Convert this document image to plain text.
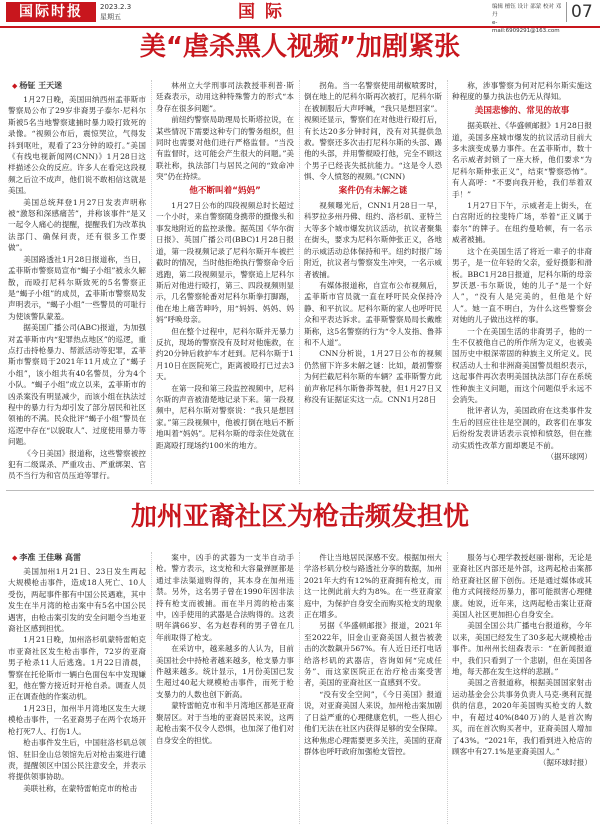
国际时报	2023.2.3
星期五	国际	编辑 檀钰 设计 邵蒙 校对 邓丹
e-mail:6909291@163.com
07
美“虐杀黑人视频”加剧紧张
◆ 杨钲 王天迷

1月27日晚，美国田纳西州孟菲斯市警察局公布了29岁非裔男子泰尔·尼科尔斯被5名当地警察逮捕时暴力殴打致死的录像。“视频公布后，震惊哭泣，气得发抖到呕吐，观看了23分钟的殴打。”美国《有线电视新闻网(CNN)》1月28日这样描述公众的反应。许多人在看完这段视频之后泣不成声，他们说不敢相信这就是美国。

美国总统拜登1月27日发表声明称被“激怒和深感痛苦”，并称该事件“是又一起令人痛心的提醒，提醒我们为改革执法部门、确保问责，还有很多工作要做”。

美国路透社1月28日报道称，当日，孟菲斯市警察局宣布“蝎子小组”被永久解散，而殴打尼科尔斯致死的5名警察正是“蝎子小组”的成员，孟菲斯市警察局发声明表示，“蝎子小组”一些警员的可耻行为使该警队蒙羞。

据美国广播公司(ABC)报道，为加强对孟菲斯市内“犯罪热点地区”的巡逻，重点打击持枪暴力、帮派活动等犯罪，孟菲斯市警察局于2021年11月成立了“蝎子小组”，该小组共有40名警员，分为4个小队。“蝎子小组”成立以来，孟菲斯市的凶杀案没有明显减少，而该小组在执法过程中的暴力行为却引发了部分居民和社区领袖的不满。民众批评“蝎子小组”警员在巡逻中存在“以貌取人”、过度使用暴力等问题。

《今日美国》报道称，这些警察被控犯有二级谋杀、严重攻击、严重绑架、官员不当行为和官员压迫等罪行。

林州立大学刑事司法教授菲利普·斯廷森表示，动用这种特殊警力的形式“本身存在很多问题”。

前纽约警察局助理局长斯塔拉说，在某些情况下需要这种专门的警务组织，但同时也需要对他们进行严格监督。“当没有监督时，这可能会产生很大的问题。”美联社称，执法部门与居民之间的“致命冲突”仍在持续。

他不断叫着“妈妈”

1月27日公布的四段视频总时长超过一个小时，来自警察随身携带的摄像头和事发地附近的监控录像。据英国《华尔街日报》、英国广播公司(BBC)1月28日报道，第一段视频记录了尼科尔斯开车被拦截时的情况，当时他拒绝执行警察命令后逃跑，第二段视频显示，警察追上尼科尔斯后对他进行殴打，第三、四段视频则显示，几名警察轮番对尼科尔斯拳打脚踢，他在地上痛苦呻吟，用“妈妈、妈妈、妈妈”呼唤母亲。

但在整个过程中，尼科尔斯并无暴力反抗，现场的警察没有及时对他施救，在约20分钟后救护车才赶到。尼科尔斯于1月10日在医院死亡，距离被殴打已过去3天。

在第一段和第三段监控视频中，尼科尔斯的声音被清楚地记录下来。第一段视频中，尼科尔斯对警察说：“我只是想回家。”第三段视频中，他被打倒在地后不断地叫着“妈妈”。尼科尔斯的母亲住处就在距离殴打现场约100米的地方。

拐角。当一名警察使用胡椒喷雾时，倒在地上的尼科尔斯再次被打，尼科尔斯在被制服后大声呼喊，“我只是想回家”。视频还显示，警察们在对他进行殴打后，有长达20多分钟时间，没有对其提供急救。警察还多次击打尼科尔斯的头部、踢他的头部，并用警棍殴打他，完全不顾这个男子已经丧失抵抗能力。“这是令人恐惧、令人愤怒的视频。”(CNN)

案件仍有未解之谜

视频曝光后，CNN1月28日一早，科罗拉多州丹佛、纽约、洛杉矶、亚特兰大等多个城市爆发抗议活动，抗议者聚集在街头，要求为尼科尔斯伸张正义，各地的示威活动总体保持和平。纽约时报广场附近，抗议者与警察发生冲突，一名示威者被捕。

有媒体报道称，自宣布公布视频后，孟菲斯市官员就一直在呼吁民众保持冷静、和平抗议。尼科尔斯的家人也呼吁民众和平表达诉求。孟菲斯警察局局长戴维斯称，这5名警察的行为“令人发指、鲁莽和不人道”。

CNN分析说，1月27日公布的视频仍然留下许多未解之谜：比如，最初警察为何拦截尼科尔斯的车辆？孟菲斯警方此前声称尼科尔斯鲁莽驾驶，但1月27日又称没有证据证实这一点。CNN1月28日

称，涉事警察为何对尼科尔斯实施这种程度的暴力执法也仍无从得知。

美国悲惨的、常见的故事

据美联社、《华盛顿邮报》1月28日报道，美国多座城市爆发的抗议活动目前大多未演变成暴力事件。在孟菲斯市，数十名示威者封锁了一座大桥，他们要求“为尼科尔斯伸张正义”，结束“警察恐怖”。有人高呼：“不要向我开枪，我们举着双手！”

1月27日下午，示威者走上街头，在白宫附近的拉斐特广场，举着“正义属于泰尔”的牌子。在纽约曼哈顿，有一名示威者被捕。

这个在美国生活了将近一辈子的非裔男子，是一位年轻的父亲，爱好摄影和滑板。BBC1月28日报道，尼科尔斯的母亲罗沃恩·韦尔斯说，她的儿子“是一个好人”，“没有人是完美的，但他是个好人”。她一直不明白，为什么这些警察会对她的儿子做出这样的事。

一个在美国生活的非裔男子，他的一生不仅被他自己的所作所为定义，也被美国历史中根深蒂固的种族主义所定义。民权活动人士和非洲裔美国警员组织表示，这起事件再次表明美国执法部门存在系统性种族主义问题，而这个问题似乎永远不会消失。

批评者认为，美国政府在这类事件发生后的回应往往是空洞的，政客们在事发后纷纷发表讲话表示哀悼和愤怒，但在推动实质性改革方面却裹足不前。

（据环球网）

加州亚裔社区为枪击频发担忧
◆ 李准 王佳琳 高雷

美国加州1月21日、23日发生两起大规模枪击事件，造成18人死亡、10人受伤，两起事件都有中国公民遇难，其中发生在半月湾的枪击案中有5名中国公民遇害，由枪击案引发的安全问题令当地亚裔社区感到担忧。

1月21日晚，加州洛杉矶蒙特雷帕克市亚裔社区发生枪击事件，72岁的亚裔男子枪杀11人后逃逸。1月22日清晨，警察在托伦斯市一辆白色面包车中发现嫌犯，他在警方接近时开枪自杀。调查人员正在调查他的作案动机。

1月23日，加州半月湾地区发生大规模枪击事件，一名亚裔男子在两个农场开枪打死7人、打伤1人。

枪击事件发生后，中国驻洛杉矶总领馆、驻旧金山总领馆先后对枪击案进行谴责，提醒领区中国公民注意安全，并表示将提供领事协助。

美联社称，在蒙特雷帕克市的枪击

案中，凶手的武器为一支半自动手枪。警方表示，这支枪和大容量弹匣都是通过非法渠道购得的，其本身在加州违禁。另外，这名男子曾在1990年因非法持有枪支而被捕。而在半月湾的枪击案中，凶手使用的武器是合法购得的。这表明年满66岁、名为赵春利的男子曾在几年前取得了枪支。

在采访中，越来越多的人认为，目前美国社会中持枪者越来越多，枪支暴力事件越来越多。统计显示，1月份美国已发生超过40起大规模枪击事件，而死于枪支暴力的人数也创下新高。

蒙特雷帕克市和半月湾地区都是亚裔聚居区。对于当地的亚裔居民来说，这两起枪击案不仅令人恐惧，也加深了他们对自身安全的担忧。

件让当地居民深感不安。根据加州大学洛杉矶分校与路透社分享的数据，加州2021年大约有12%的亚裔拥有枪支，而这一比例此前大约为8%。在一些亚裔家庭中，为保护自身安全而购买枪支的现象正在增多。

另据《华盛顿邮报》报道，2021年至2022年，旧金山亚裔美国人报告被袭击的次数飙升567%。有人近日还打电话给洛杉矶的武器店，咨询如何“完成任务”、而这家医院正在治疗枪击案受害者，美国的亚裔社区一直感到不安。

“没有安全空间”，《今日美国》报道说，对亚裔美国人来说，加州枪击案加剧了日益严重的心理健康危机，一些人担心他们无法在社区内获得足够的安全保障。这种焦虑心理需要更多关注，美国的亚裔群体也呼吁政府加强枪支管控。

服务与心理学教授赵丽·谢称，无论是亚裔社区内部还是外部，这两起枪击案都给亚裔社区留下创伤。还是通过媒体或其他方式间接经历暴力，都可能损害心理健康。她说，近年来，这两起枪击案让亚裔美国人社区更加担心自身安全。

美国全国公共广播电台报道称，今年以来，美国已经发生了30多起大规模枪击事件。加州州长纽森表示：“在新闻报道中，我们只看到了一个悲剧，但在美国各地，每天都在发生这样的悲剧。”

美国之音报道称，根据美国国家射击运动基金会公共事务负责人马克·奥利瓦提供的信息，2020年美国购买枪支的人数中，有超过40%(840万)的人是首次购买，而在首次购买者中，亚裔美国人增加了43%。“2021年，我们看到进入枪店的顾客中有27.1%是亚裔美国人。”

（据环球时报）
